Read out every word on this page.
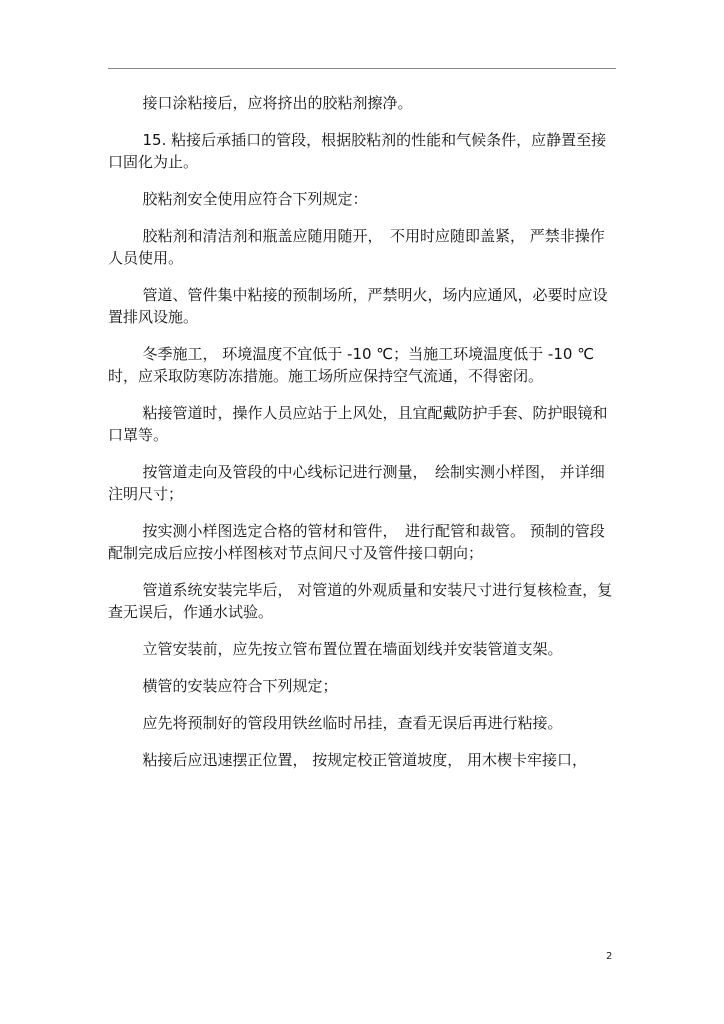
接口涂粘接后，应将挤出的胶粘剂擦净。

15. 粘接后承插口的管段，根据胶粘剂的性能和气候条件，应静置至接口固化为止。

胶粘剂安全使用应符合下列规定：

胶粘剂和清洁剂和瓶盖应随用随开，　不用时应随即盖紧， 严禁非操作人员使用。

管道、管件集中粘接的预制场所，严禁明火，场内应通风，必要时应设置排风设施。

冬季施工， 环境温度不宜低于 -10 ℃；当施工环境温度低于 -10 ℃时，应采取防寒防冻措施。施工场所应保持空气流通，不得密闭。

粘接管道时，操作人员应站于上风处，且宜配戴防护手套、防护眼镜和口罩等。

按管道走向及管段的中心线标记进行测量，　绘制实测小样图， 并详细注明尺寸；

按实测小样图选定合格的管材和管件，　进行配管和裁管。 预制的管段配制完成后应按小样图核对节点间尺寸及管件接口朝向；

管道系统安装完毕后， 对管道的外观质量和安装尺寸进行复核检查，复查无误后，作通水试验。

立管安装前，应先按立管布置位置在墙面划线并安装管道支架。

横管的安装应符合下列规定；

应先将预制好的管段用铁丝临时吊挂，查看无误后再进行粘接。

粘接后应迅速摆正位置， 按规定校正管道坡度， 用木楔卡牢接口，

2
